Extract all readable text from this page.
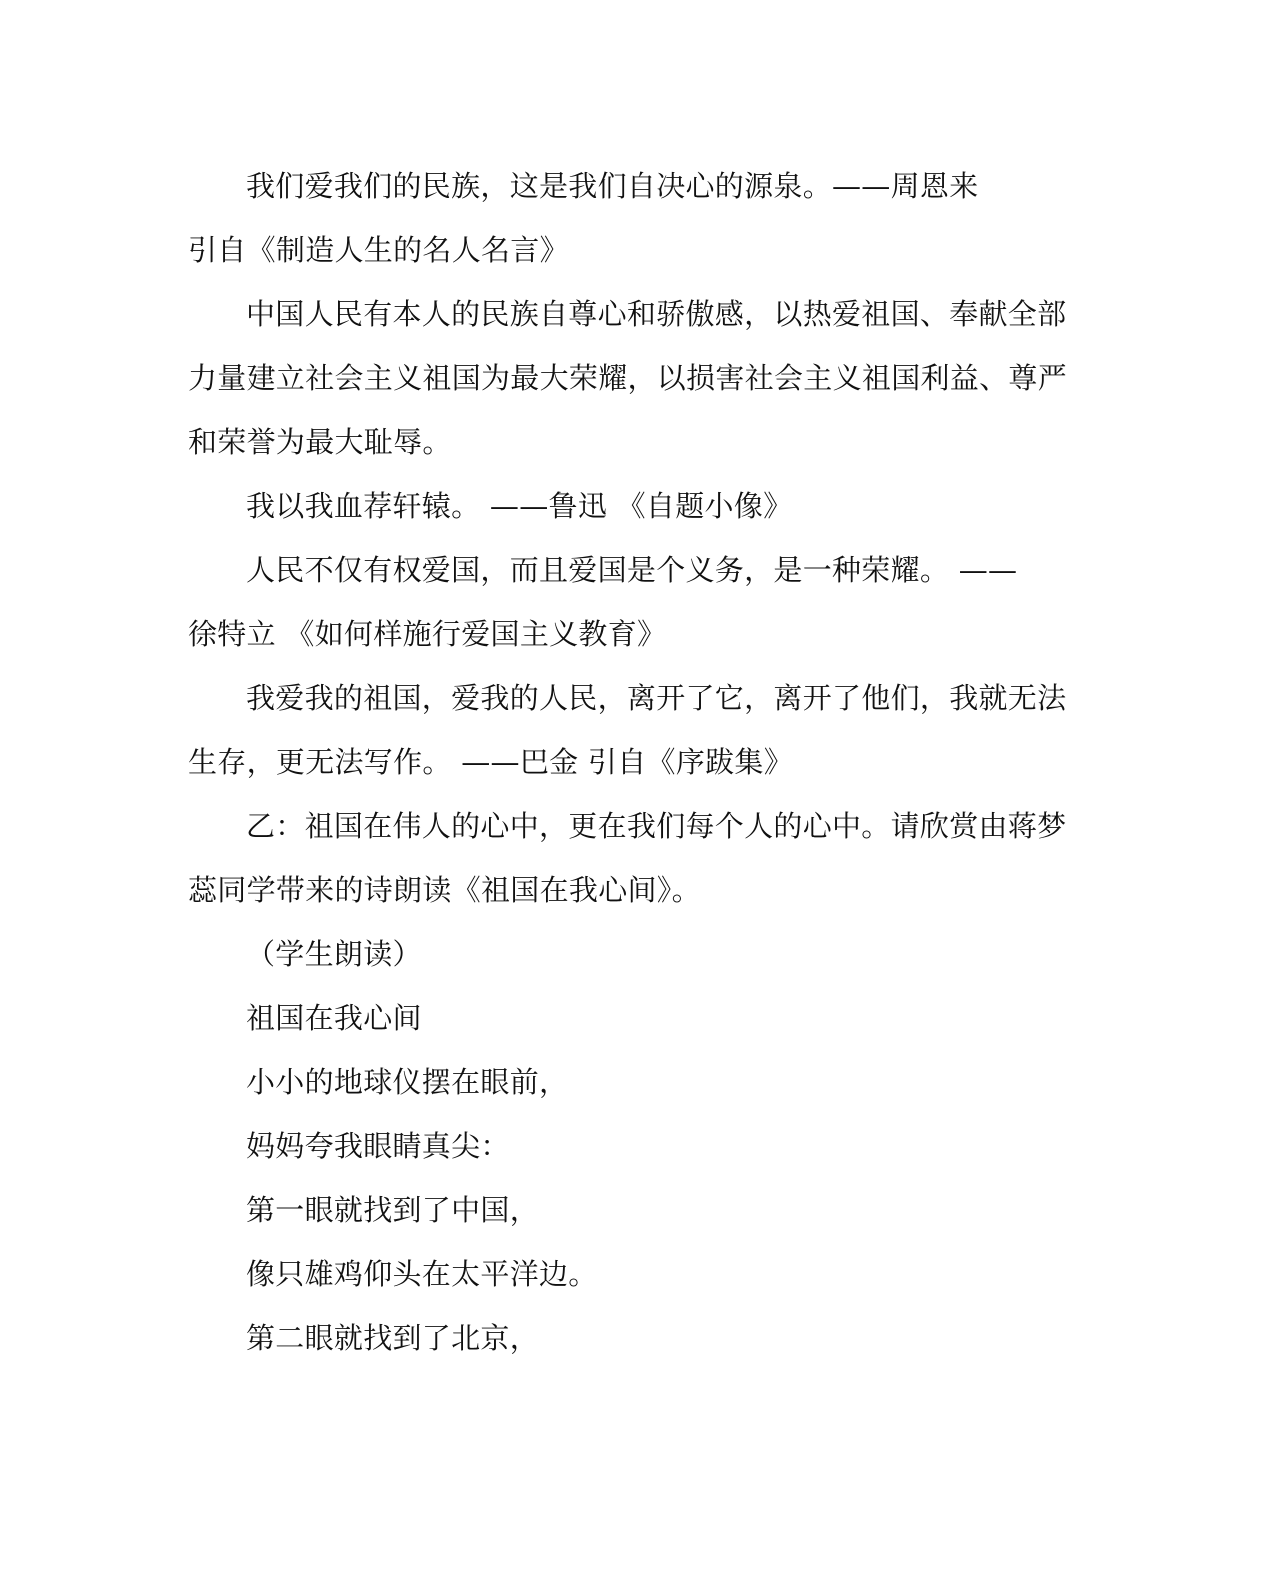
我们爱我们的民族，这是我们自决心的源泉。——周恩来
引自《制造人生的名人名言》
中国人民有本人的民族自尊心和骄傲感，以热爱祖国、奉献全部
力量建立社会主义祖国为最大荣耀，以损害社会主义祖国利益、尊严
和荣誉为最大耻辱。
我以我血荐轩辕。 ——鲁迅 《自题小像》
人民不仅有权爱国，而且爱国是个义务，是一种荣耀。 ——
徐特立 《如何样施行爱国主义教育》
我爱我的祖国，爱我的人民，离开了它，离开了他们，我就无法
生存，更无法写作。 ——巴金 引自《序跋集》
乙：祖国在伟人的心中，更在我们每个人的心中。请欣赏由蒋梦
蕊同学带来的诗朗读《祖国在我心间》。
（学生朗读）
祖国在我心间
小小的地球仪摆在眼前，
妈妈夸我眼睛真尖：
第一眼就找到了中国，
像只雄鸡仰头在太平洋边。
第二眼就找到了北京，
